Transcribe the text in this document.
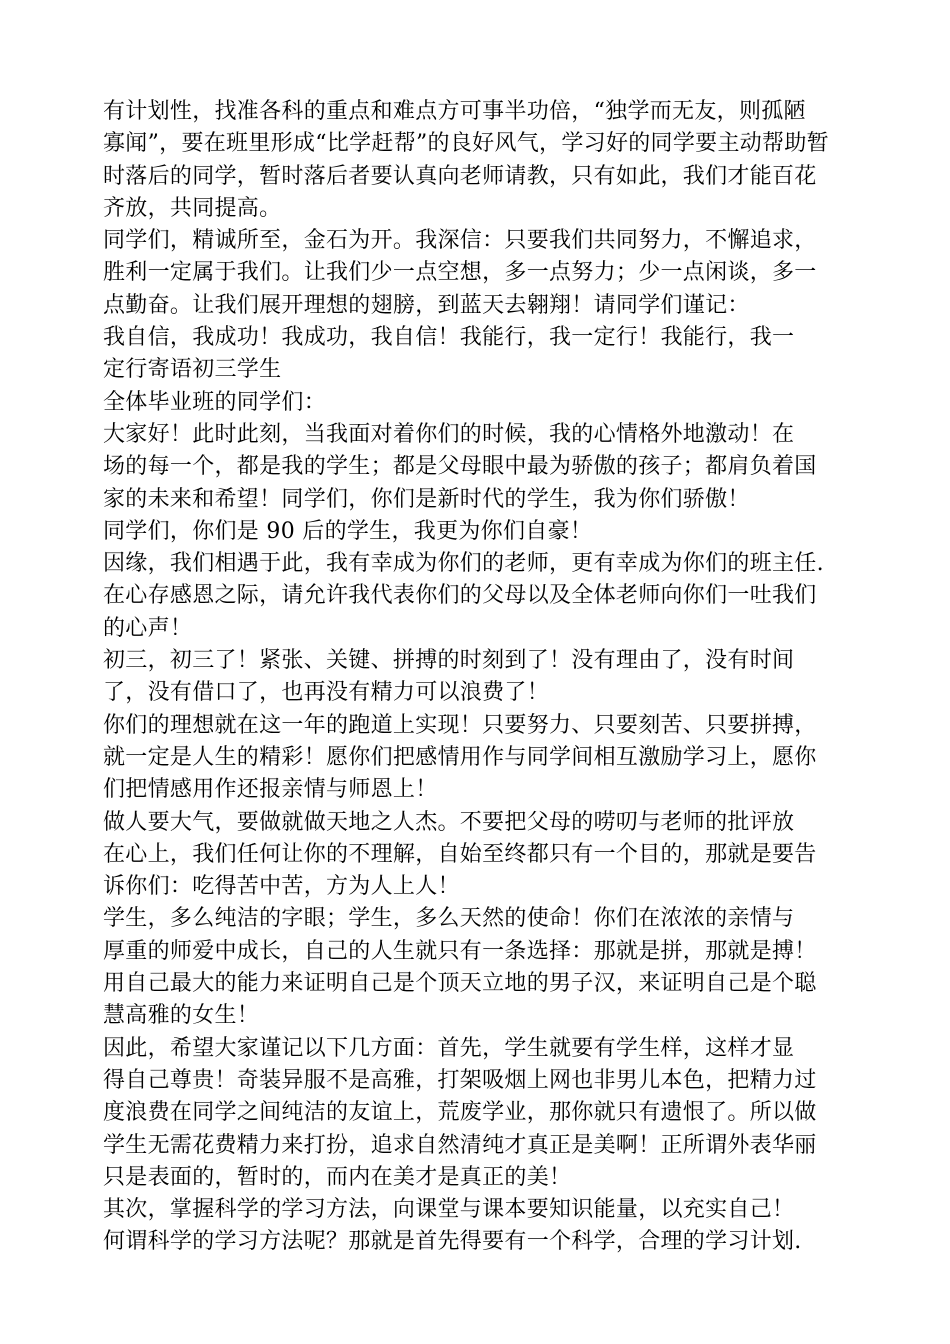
有计划性，找准各科的重点和难点方可事半功倍，“独学而无友，则孤陋
寡闻”，要在班里形成“比学赶帮”的良好风气，学习好的同学要主动帮助暂
时落后的同学，暂时落后者要认真向老师请教，只有如此，我们才能百花
齐放，共同提高。
同学们，精诚所至，金石为开。我深信：只要我们共同努力，不懈追求，
胜利一定属于我们。让我们少一点空想，多一点努力；少一点闲谈，多一
点勤奋。让我们展开理想的翅膀，到蓝天去翱翔！请同学们谨记：
我自信，我成功！我成功，我自信！我能行，我一定行！我能行，我一
定行寄语初三学生
全体毕业班的同学们：
大家好！此时此刻，当我面对着你们的时候，我的心情格外地激动！在
场的每一个，都是我的学生；都是父母眼中最为骄傲的孩子；都肩负着国
家的未来和希望！同学们，你们是新时代的学生，我为你们骄傲！
同学们，你们是 90 后的学生，我更为你们自豪！
因缘，我们相遇于此，我有幸成为你们的老师，更有幸成为你们的班主任.
在心存感恩之际，请允许我代表你们的父母以及全体老师向你们一吐我们
的心声！
初三，初三了！紧张、关键、拼搏的时刻到了！没有理由了，没有时间
了，没有借口了，也再没有精力可以浪费了！
你们的理想就在这一年的跑道上实现！只要努力、只要刻苦、只要拼搏，
就一定是人生的精彩！愿你们把感情用作与同学间相互激励学习上，愿你
们把情感用作还报亲情与师恩上！
做人要大气，要做就做天地之人杰。不要把父母的唠叨与老师的批评放
在心上，我们任何让你的不理解，自始至终都只有一个目的，那就是要告
诉你们：吃得苦中苦，方为人上人！
学生，多么纯洁的字眼；学生，多么天然的使命！你们在浓浓的亲情与
厚重的师爱中成长，自己的人生就只有一条选择：那就是拼，那就是搏！
用自己最大的能力来证明自己是个顶天立地的男子汉，来证明自己是个聪
慧高雅的女生！
因此，希望大家谨记以下几方面：首先，学生就要有学生样，这样才显
得自己尊贵！奇装异服不是高雅，打架吸烟上网也非男儿本色，把精力过
度浪费在同学之间纯洁的友谊上，荒废学业，那你就只有遗恨了。所以做
学生无需花费精力来打扮，追求自然清纯才真正是美啊！正所谓外表华丽
只是表面的，暂时的，而内在美才是真正的美！
其次，掌握科学的学习方法，向课堂与课本要知识能量，以充实自己！
何谓科学的学习方法呢？那就是首先得要有一个科学，合理的学习计划.
